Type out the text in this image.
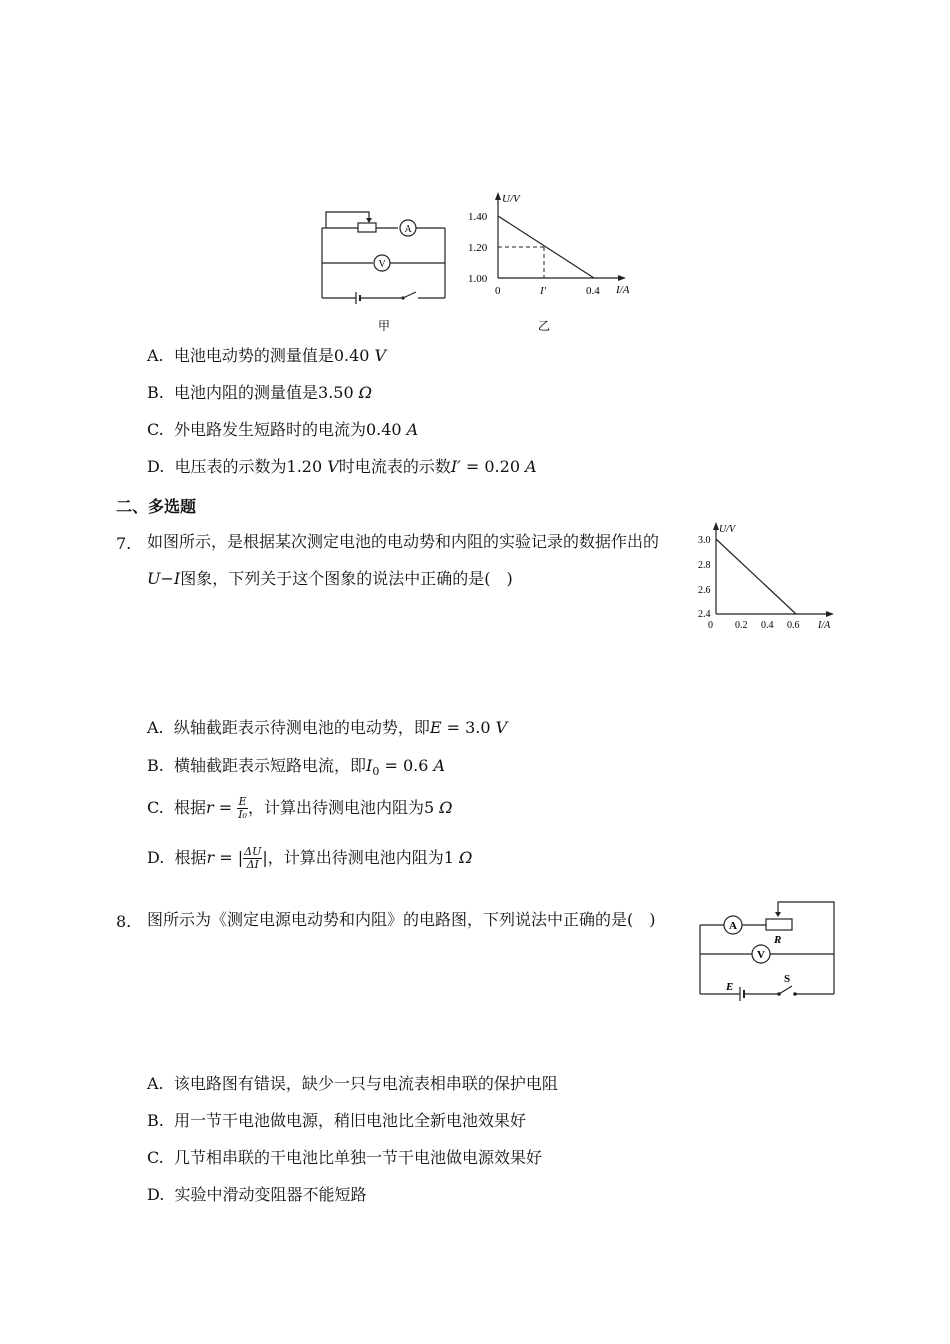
A
V
甲
U/V
I/A
1.40
1.20
1.00
0	I′	0.4
乙
A. 电池电动势的测量值是0.40 V
B. 电池内阻的测量值是3.50 Ω
C. 外电路发生短路时的电流为0.40 A
D. 电压表的示数为1.20 V时电流表的示数I′ = 0.20 A
二、多选题
7. 如图所示，是根据某次测定电池的电动势和内阻的实验记录的数据作出的
U−I图象，下列关于这个图象的说法中正确的是(　)
U/V
I/A
3.0
2.8
2.6
2.4
0 0.2 0.4 0.6
A. 纵轴截距表示待测电池的电动势，即E = 3.0 V
B. 横轴截距表示短路电流，即$I_0 = 0.6$ A
C. 根据$r = \frac{E}{\text{I₀}}$ ，计算出待测电池内阻为5 Ω
D. 根据r = | $\frac{\Delta U}{\Delta I}$ |，计算出待测电池内阻为1 Ω
8. 图所示为《测定电源电动势和内阻》的电路图，下列说法中正确的是(　)	A
R
V
E
S
A. 该电路图有错误，缺少一只与电流表相串联的保护电阻
B. 用一节干电池做电源，稍旧电池比全新电池效果好
C. 几节相串联的干电池比单独一节干电池做电源效果好
D. 实验中滑动变阻器不能短路
